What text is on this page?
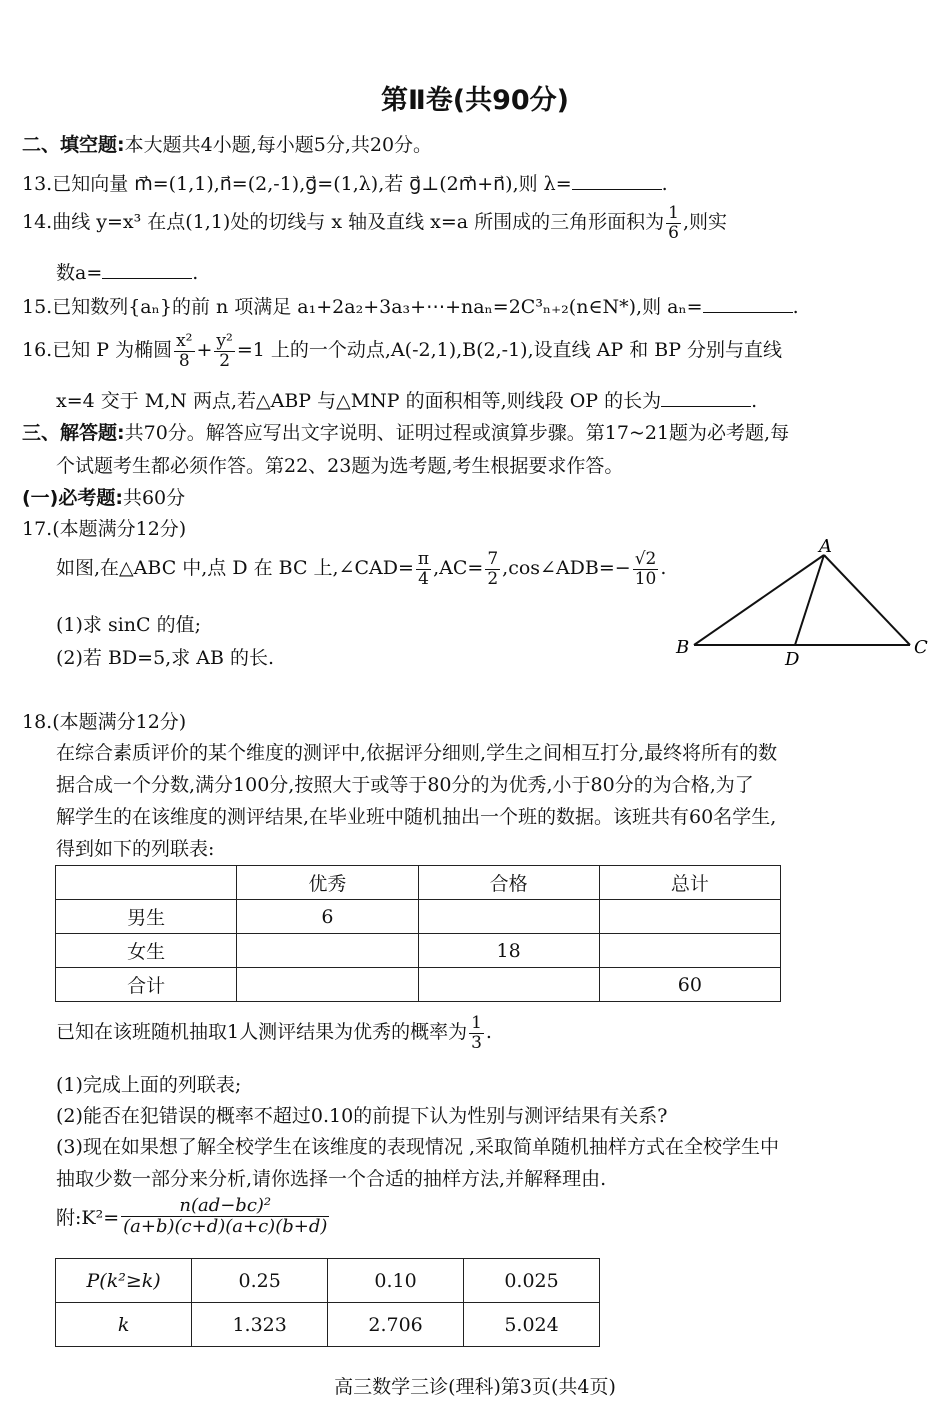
第Ⅱ卷(共90分)
二、填空题:本大题共4小题,每小题5分,共20分。
13.已知向量 m⃗=(1,1),n⃗=(2,-1),g⃗=(1,λ),若 g⃗⊥(2m⃗+n⃗),则 λ=	.
14.曲线 y=x³ 在点(1,1)处的切线与 x 轴及直线 x=a 所围成的三角形面积为 $\frac{1}{6}$ ,则实
数a=	.
15.已知数列{aₙ}的前 n 项满足 a₁+2a₂+3a₃+⋯+naₙ=2C³ₙ₊₂(n∈N*),则 aₙ=	.
16.已知 P 为椭圆 $\frac{\text{x²}}{8} + \frac{\text{y²}}{2} =1$ 上的一个动点,A(-2,1),B(2,-1),设直线 AP 和 BP 分别与直线
x=4 交于 M,N 两点,若△ABP 与△MNP 的面积相等,则线段 OP 的长为	.
三、解答题:共70分。解答应写出文字说明、证明过程或演算步骤。第17~21题为必考题,每
个试题考生都必须作答。第22、23题为选考题,考生根据要求作答。
(一)必考题:共60分
17.(本题满分12分)
如图,在△ABC 中,点 D 在 BC 上,∠CAD= $\frac{\pi}{4} ,AC= \frac{7}{2}$ ,cos∠ADB=− $\frac{√2}{10}$ .
(1)求 sinC 的值;
(2)若 BD=5,求 AB 的长.
A
B	C
D
18.(本题满分12分)
在综合素质评价的某个维度的测评中,依据评分细则,学生之间相互打分,最终将所有的数
据合成一个分数,满分100分,按照大于或等于80分的为优秀,小于80分的为合格,为了
解学生的在该维度的测评结果,在毕业班中随机抽出一个班的数据。该班共有60名学生,
得到如下的列联表:
	优秀	合格	总计
男生	6		
女生		18	
合计			60
已知在该班随机抽取1人测评结果为优秀的概率为 $\frac{1}{3}$ .
(1)完成上面的列联表;
(2)能否在犯错误的概率不超过0.10的前提下认为性别与测评结果有关系?
(3)现在如果想了解全校学生在该维度的表现情况 ,采取简单随机抽样方式在全校学生中
抽取少数一部分来分析,请你选择一个合适的抽样方法,并解释理由.
附:K²= $\frac{\text{n(ad−bc)²}}{(a+b)(c+d)(a+c)(b+d)}$
P(k²≥k)	0.25	0.10	0.025
k	1.323	2.706	5.024
高三数学三诊(理科)第3页(共4页)
